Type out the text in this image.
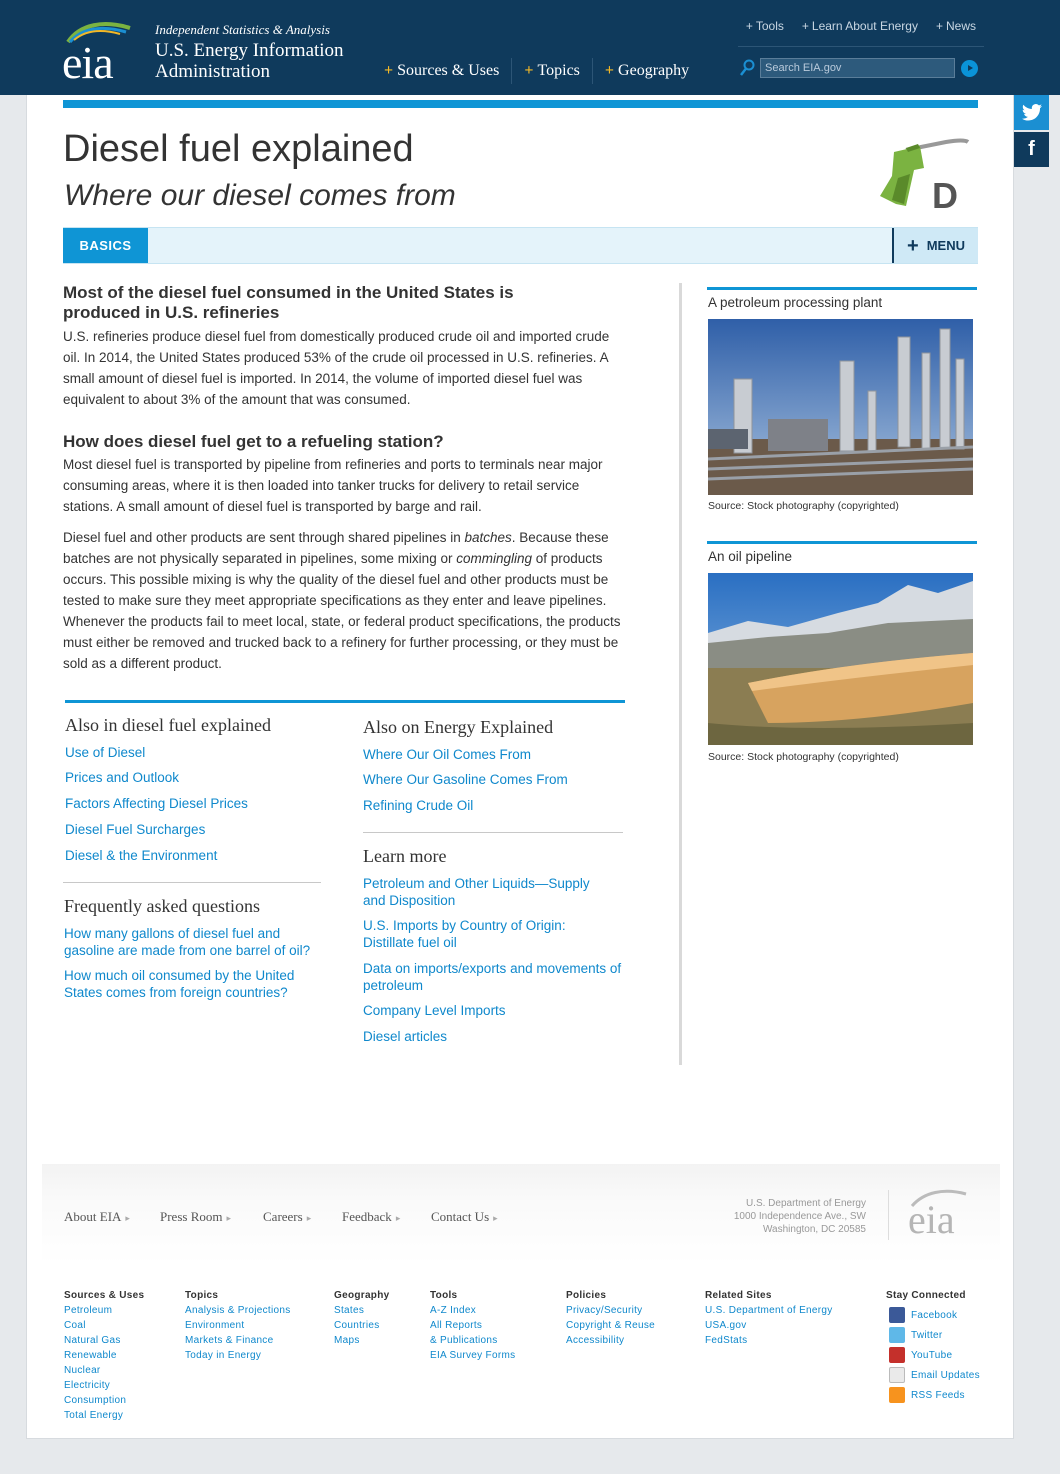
eia
Independent Statistics & Analysis
U.S. Energy Information
Administration
+ Tools + Learn About Energy + News
+ Sources & Uses	+ Topics	+ Geography
Search EIA.gov
f
Diesel fuel explained
Where our diesel comes from	D
BASICS	+ MENU
Most of the diesel fuel consumed in the United States is produced in U.S. refineries

U.S. refineries produce diesel fuel from domestically produced crude oil and imported crude oil. In 2014, the United States produced 53% of the crude oil processed in U.S. refineries. A small amount of diesel fuel is imported. In 2014, the volume of imported diesel fuel was equivalent to about 3% of the amount that was consumed.

How does diesel fuel get to a refueling station?

Most diesel fuel is transported by pipeline from refineries and ports to terminals near major consuming areas, where it is then loaded into tanker trucks for delivery to retail service stations. A small amount of diesel fuel is transported by barge and rail.

Diesel fuel and other products are sent through shared pipelines in batches. Because these batches are not physically separated in pipelines, some mixing or commingling of products occurs. This possible mixing is why the quality of the diesel fuel and other products must be tested to make sure they meet appropriate specifications as they enter and leave pipelines. Whenever the products fail to meet local, state, or federal product specifications, the products must either be removed and trucked back to a refinery for further processing, or they must be sold as a different product.

A petroleum processing plant
Source: Stock photography (copyrighted)
An oil pipeline
Source: Stock photography (copyrighted)
Also in diesel fuel explained
Use of Diesel
Prices and Outlook
Factors Affecting Diesel Prices
Diesel Fuel Surcharges
Diesel & the Environment
Frequently asked questions
How many gallons of diesel fuel and gasoline are made from one barrel of oil?
How much oil consumed by the United States comes from foreign countries?
Also on Energy Explained
Where Our Oil Comes From
Where Our Gasoline Comes From
Refining Crude Oil
Learn more
Petroleum and Other Liquids—Supply and Disposition
U.S. Imports by Country of Origin: Distillate fuel oil
Data on imports/exports and movements of petroleum
Company Level Imports
Diesel articles
About EIA ▸ Press Room ▸ Careers ▸ Feedback ▸ Contact Us ▸
U.S. Department of Energy
1000 Independence Ave., SW
Washington, DC 20585 eia
Sources & Uses
Petroleum
Coal
Natural Gas
Renewable
Nuclear
Electricity
Consumption
Total Energy
Topics
Analysis & Projections
Environment
Markets & Finance
Today in Energy
Geography
States
Countries
Maps
Tools
A-Z Index
All Reports
& Publications
EIA Survey Forms
Policies
Privacy/Security
Copyright & Reuse
Accessibility
Related Sites
U.S. Department of Energy
USA.gov
FedStats
Stay Connected
Facebook
Twitter
YouTube
Email Updates
RSS Feeds
